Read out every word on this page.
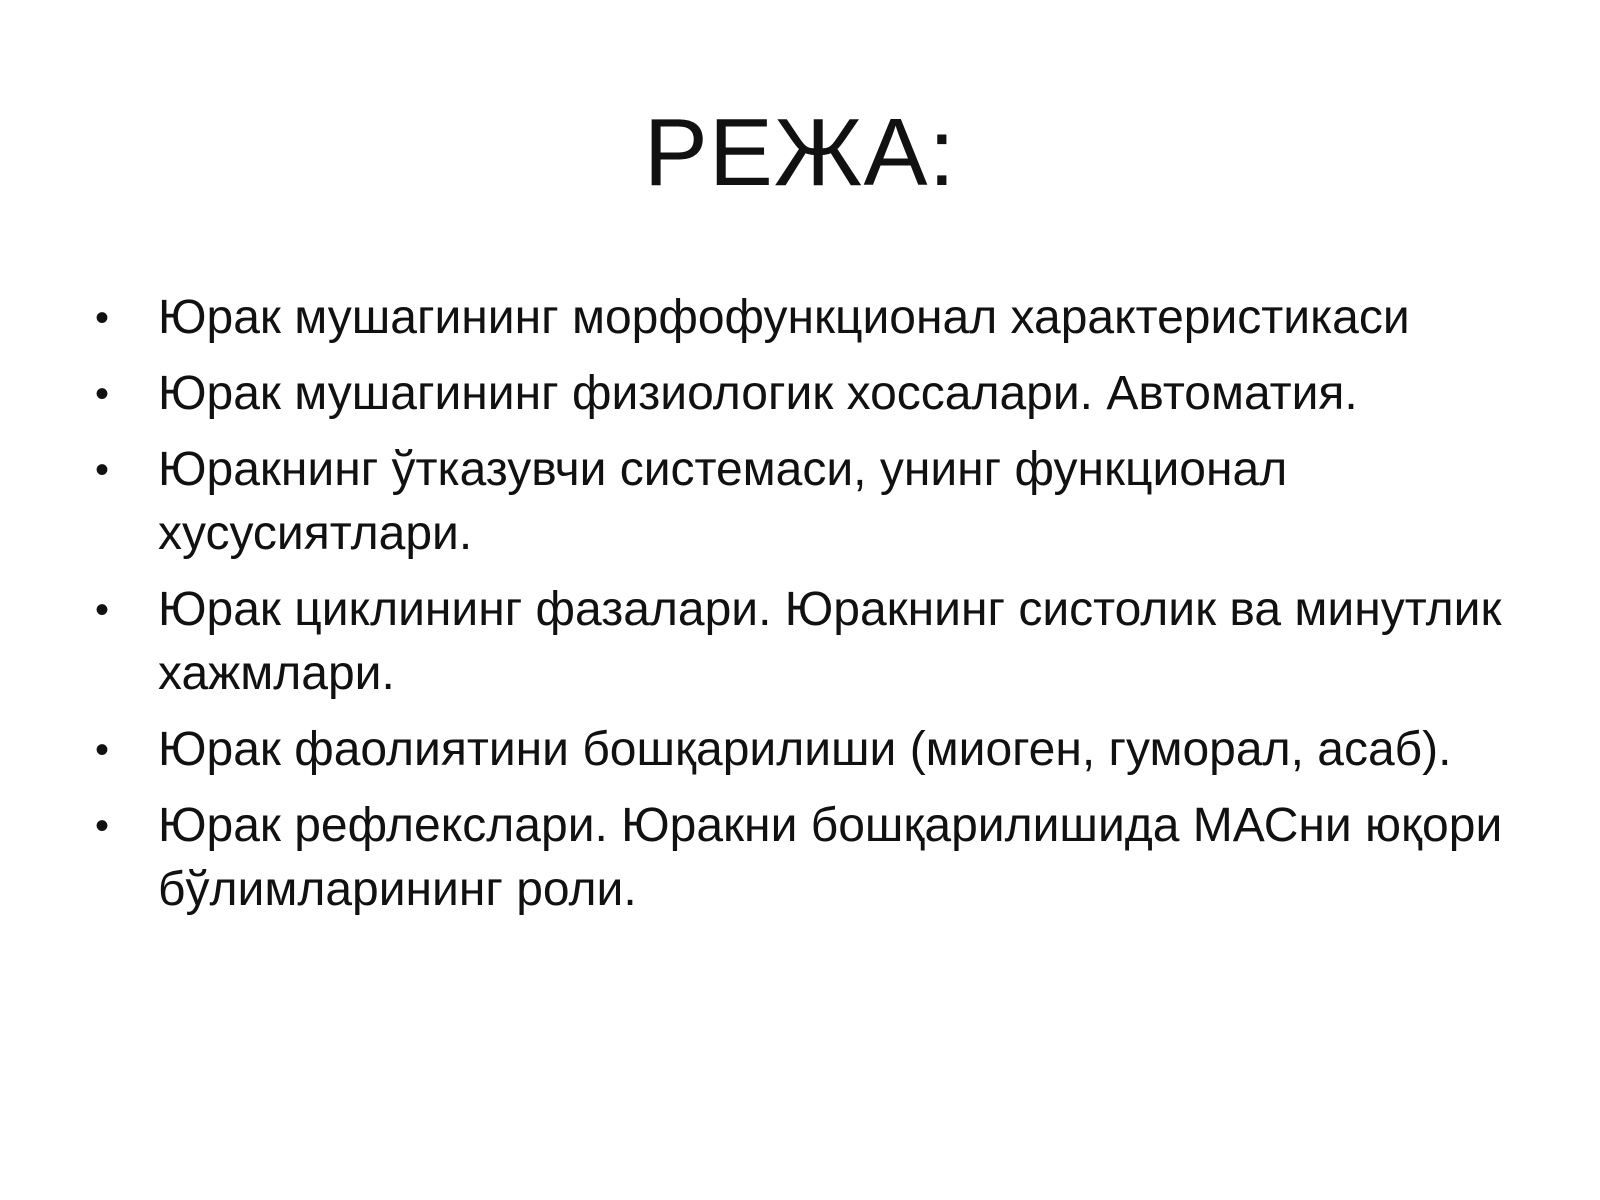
РЕЖА:
• Юрак мушагининг морфофункционал характеристикаси
• Юрак мушагининг физиологик хоссалари. Автоматия.
• Юракнинг ўтказувчи системаси, унинг функционал хусусиятлари.
• Юрак циклининг фазалари. Юракнинг систолик ва минутлик хажмлари.
• Юрак фаолиятини бошқарилиши (миоген, гуморал, асаб).
• Юрак рефлекслари. Юракни бошқарилишида МАСни юқори бўлимларининг роли.
